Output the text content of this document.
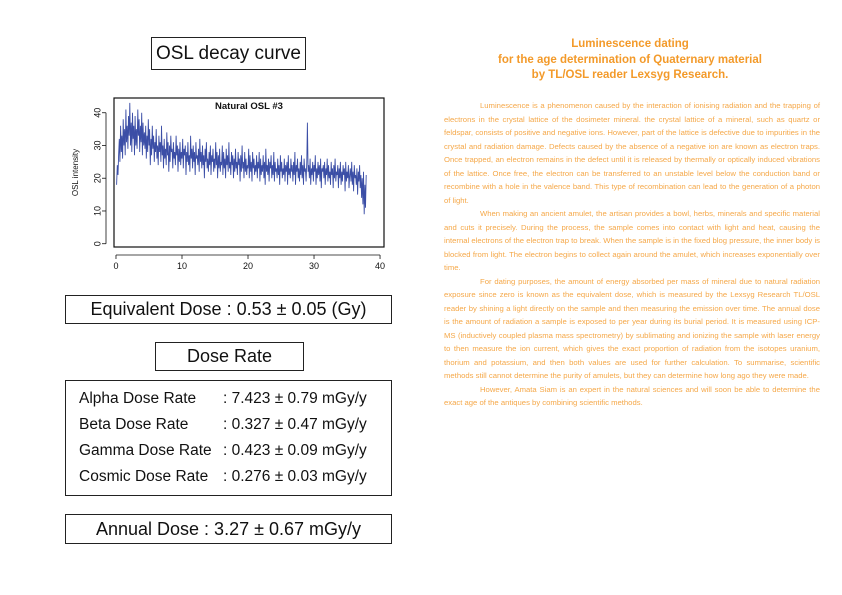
OSL decay curve
0	10	20	30	40
0
10
20
30
40
OSL intensity
Natural OSL #3
Equivalent Dose : 0.53 ± 0.05 (Gy)
Dose Rate
Alpha Dose Rate	: 7.423 ± 0.79 mGy/y
Beta Dose Rate	: 0.327 ± 0.47 mGy/y
Gamma Dose Rate : 0.423 ± 0.09 mGy/y
Cosmic Dose Rate : 0.276 ± 0.03 mGy/y
Annual Dose : 3.27 ± 0.67 mGy/y
Luminescence dating
for the age determination of Quaternary material
by TL/OSL reader Lexsyg Research.

Luminescence is a phenomenon caused by the interaction of ionising radiation and the trapping of electrons in the crystal lattice of the dosimeter mineral. the crystal lattice of a mineral, such as quartz or feldspar, consists of positive and negative ions. However, part of the lattice is defective due to impurities in the crystal and radiation damage. Defects caused by the absence of a negative ion are known as electron traps. Once trapped, an electron remains in the defect until it is released by thermally or optically induced vibrations of the lattice. Once free, the electron can be transferred to an unstable level below the conduction band or recombine with a hole in the valence band. This type of recombination can lead to the generation of a photon of light.

When making an ancient amulet, the artisan provides a bowl, herbs, minerals and specific material and cuts it precisely. During the process, the sample comes into contact with light and heat, causing the internal electrons of the electron trap to break. When the sample is in the fixed blog pressure, the inner body is blocked from light. The electron begins to collect again around the amulet, which increases exponentially over time.

For dating purposes, the amount of energy absorbed per mass of mineral due to natural radiation exposure since zero is known as the equivalent dose, which is measured by the Lexsyg Research TL/OSL reader by shining a light directly on the sample and then measuring the emission over time. The annual dose is the amount of radiation a sample is exposed to per year during its burial period. It is measured using ICP-MS (inductively coupled plasma mass spectrometry) by sublimating and ionizing the sample with laser energy to then measure the ion current, which gives the exact proportion of radiation from the isotopes uranium, thorium and potassium, and then both values are used for further calculation. To summarise, scientific methods still cannot determine the purity of amulets, but they can determine how long ago they were made.

However, Amata Siam is an expert in the natural sciences and will soon be able to determine the exact age of the antiques by combining scientific methods.
